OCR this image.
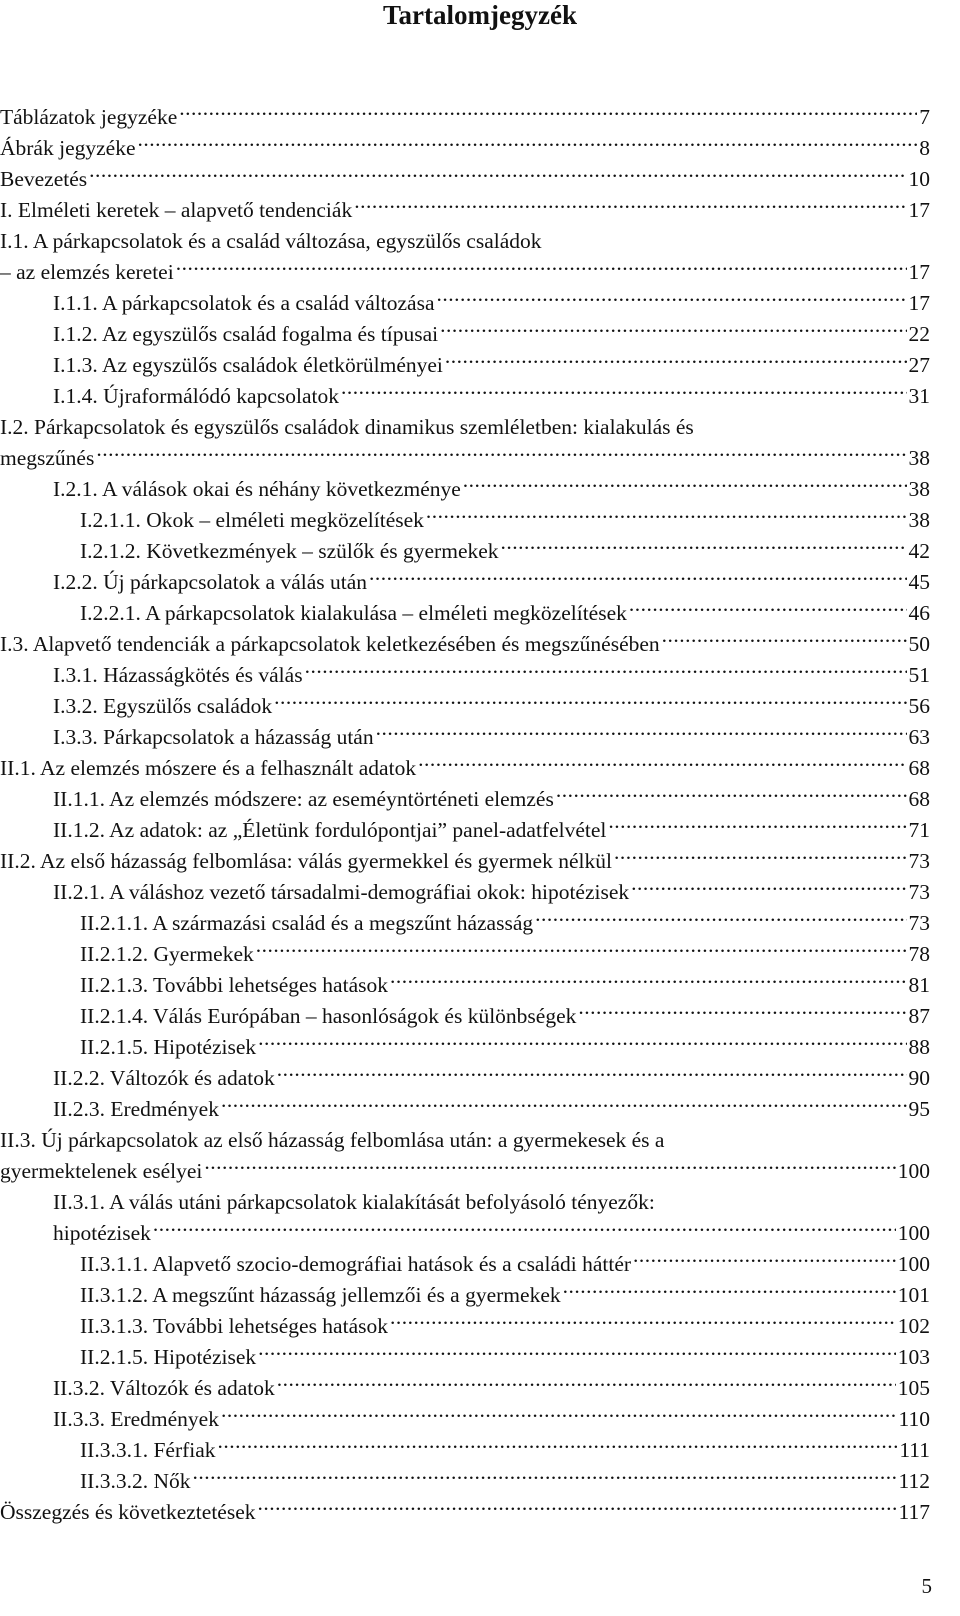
Tartalomjegyzék
Táblázatok jegyzéke .....	7
Ábrák jegyzéke .....	8
Bevezetés .....	10
I. Elméleti keretek – alapvető tendenciák .....	17
I.1. A párkapcsolatok és a család változása, egyszülős családok
– az elemzés keretei .....	17
I.1.1. A párkapcsolatok és a család változása .....	17
I.1.2. Az egyszülős család fogalma és típusai .....	22
I.1.3. Az egyszülős családok életkörülményei .....	27
I.1.4. Újraformálódó kapcsolatok .....	31
I.2. Párkapcsolatok és egyszülős családok dinamikus szemléletben: kialakulás és
megszűnés .....	38
I.2.1. A válások okai és néhány következménye .....	38
I.2.1.1. Okok – elméleti megközelítések .....	38
I.2.1.2. Következmények – szülők és gyermekek .....	42
I.2.2. Új párkapcsolatok a válás után .....	45
I.2.2.1. A párkapcsolatok kialakulása – elméleti megközelítések .....	46
I.3. Alapvető tendenciák a párkapcsolatok keletkezésében és megszűnésében .....	50
I.3.1. Házasságkötés és válás .....	51
I.3.2. Egyszülős családok .....	56
I.3.3. Párkapcsolatok a házasság után .....	63
II.1. Az elemzés mószere és a felhasznált adatok .....	68
II.1.1. Az elemzés módszere: az eseméyntörténeti elemzés .....	68
II.1.2. Az adatok: az „Életünk fordulópontjai” panel-adatfelvétel .....	71
II.2. Az első házasság felbomlása: válás gyermekkel és gyermek nélkül .....	73
II.2.1. A váláshoz vezető társadalmi-demográfiai okok: hipotézisek .....	73
II.2.1.1. A származási család és a megszűnt házasság .....	73
II.2.1.2. Gyermekek .....	78
II.2.1.3. További lehetséges hatások .....	81
II.2.1.4. Válás Európában – hasonlóságok és különbségek .....	87
II.2.1.5. Hipotézisek .....	88
II.2.2. Változók és adatok .....	90
II.2.3. Eredmények .....	95
II.3. Új párkapcsolatok az első házasság felbomlása után: a gyermekesek és a
gyermektelenek esélyei .....	100
II.3.1. A válás utáni párkapcsolatok kialakítását befolyásoló tényezők:
hipotézisek .....	100
II.3.1.1. Alapvető szocio-demográfiai hatások és a családi háttér .....	100
II.3.1.2. A megszűnt házasság jellemzői és a gyermekek .....	101
II.3.1.3. További lehetséges hatások .....	102
II.2.1.5. Hipotézisek .....	103
II.3.2. Változók és adatok .....	105
II.3.3. Eredmények .....	110
II.3.3.1. Férfiak .....	111
II.3.3.2. Nők .....	112
Összegzés és következtetések .....	117
5
